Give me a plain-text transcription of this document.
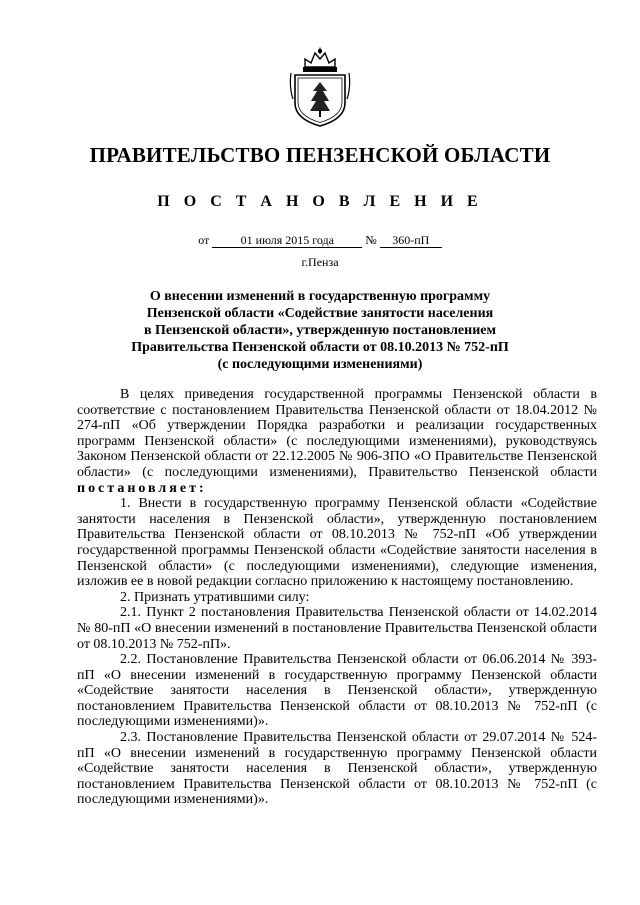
ПРАВИТЕЛЬСТВО ПЕНЗЕНСКОЙ ОБЛАСТИ
П О С Т А Н О В Л Е Н И Е
от	01 июля 2015 года	№ 360-пП
г.Пенза
О внесении изменений в государственную программу
Пензенской области «Содействие занятости населения
в Пензенской области», утвержденную постановлением
Правительства Пензенской области от 08.10.2013 № 752-пП
(с последующими изменениями)

В целях приведения государственной программы Пензенской области в соответствие с постановлением Правительства Пензенской области от 18.04.2012 № 274-пП «Об утверждении Порядка разработки и реализации государственных программ Пензенской области» (с последующими изменениями), руководствуясь Законом Пензенской области от 22.12.2005 № 906-ЗПО «О Правительстве Пензенской области» (с последующими изменениями), Правительство Пензенской области постановляет:

1. Внести в государственную программу Пензенской области «Содействие занятости населения в Пензенской области», утвержденную постановлением Правительства Пензенской области от 08.10.2013 № 752-пП «Об утверждении государственной программы Пензенской области «Содействие занятости населения в Пензенской области» (с последующими изменениями), следующие изменения, изложив ее в новой редакции согласно приложению к настоящему постановлению.

2. Признать утратившими силу:

2.1. Пункт 2 постановления Правительства Пензенской области от 14.02.2014 № 80-пП «О внесении изменений в постановление Правительства Пензенской области от 08.10.2013 № 752-пП».

2.2. Постановление Правительства Пензенской области от 06.06.2014 № 393-пП «О внесении изменений в государственную программу Пензенской области «Содействие занятости населения в Пензенской области», утвержденную постановлением Правительства Пензенской области от 08.10.2013 № 752-пП (с последующими изменениями)».

2.3. Постановление Правительства Пензенской области от 29.07.2014 № 524-пП «О внесении изменений в государственную программу Пензенской области «Содействие занятости населения в Пензенской области», утвержденную постановлением Правительства Пензенской области от 08.10.2013 № 752-пП (с последующими изменениями)».
